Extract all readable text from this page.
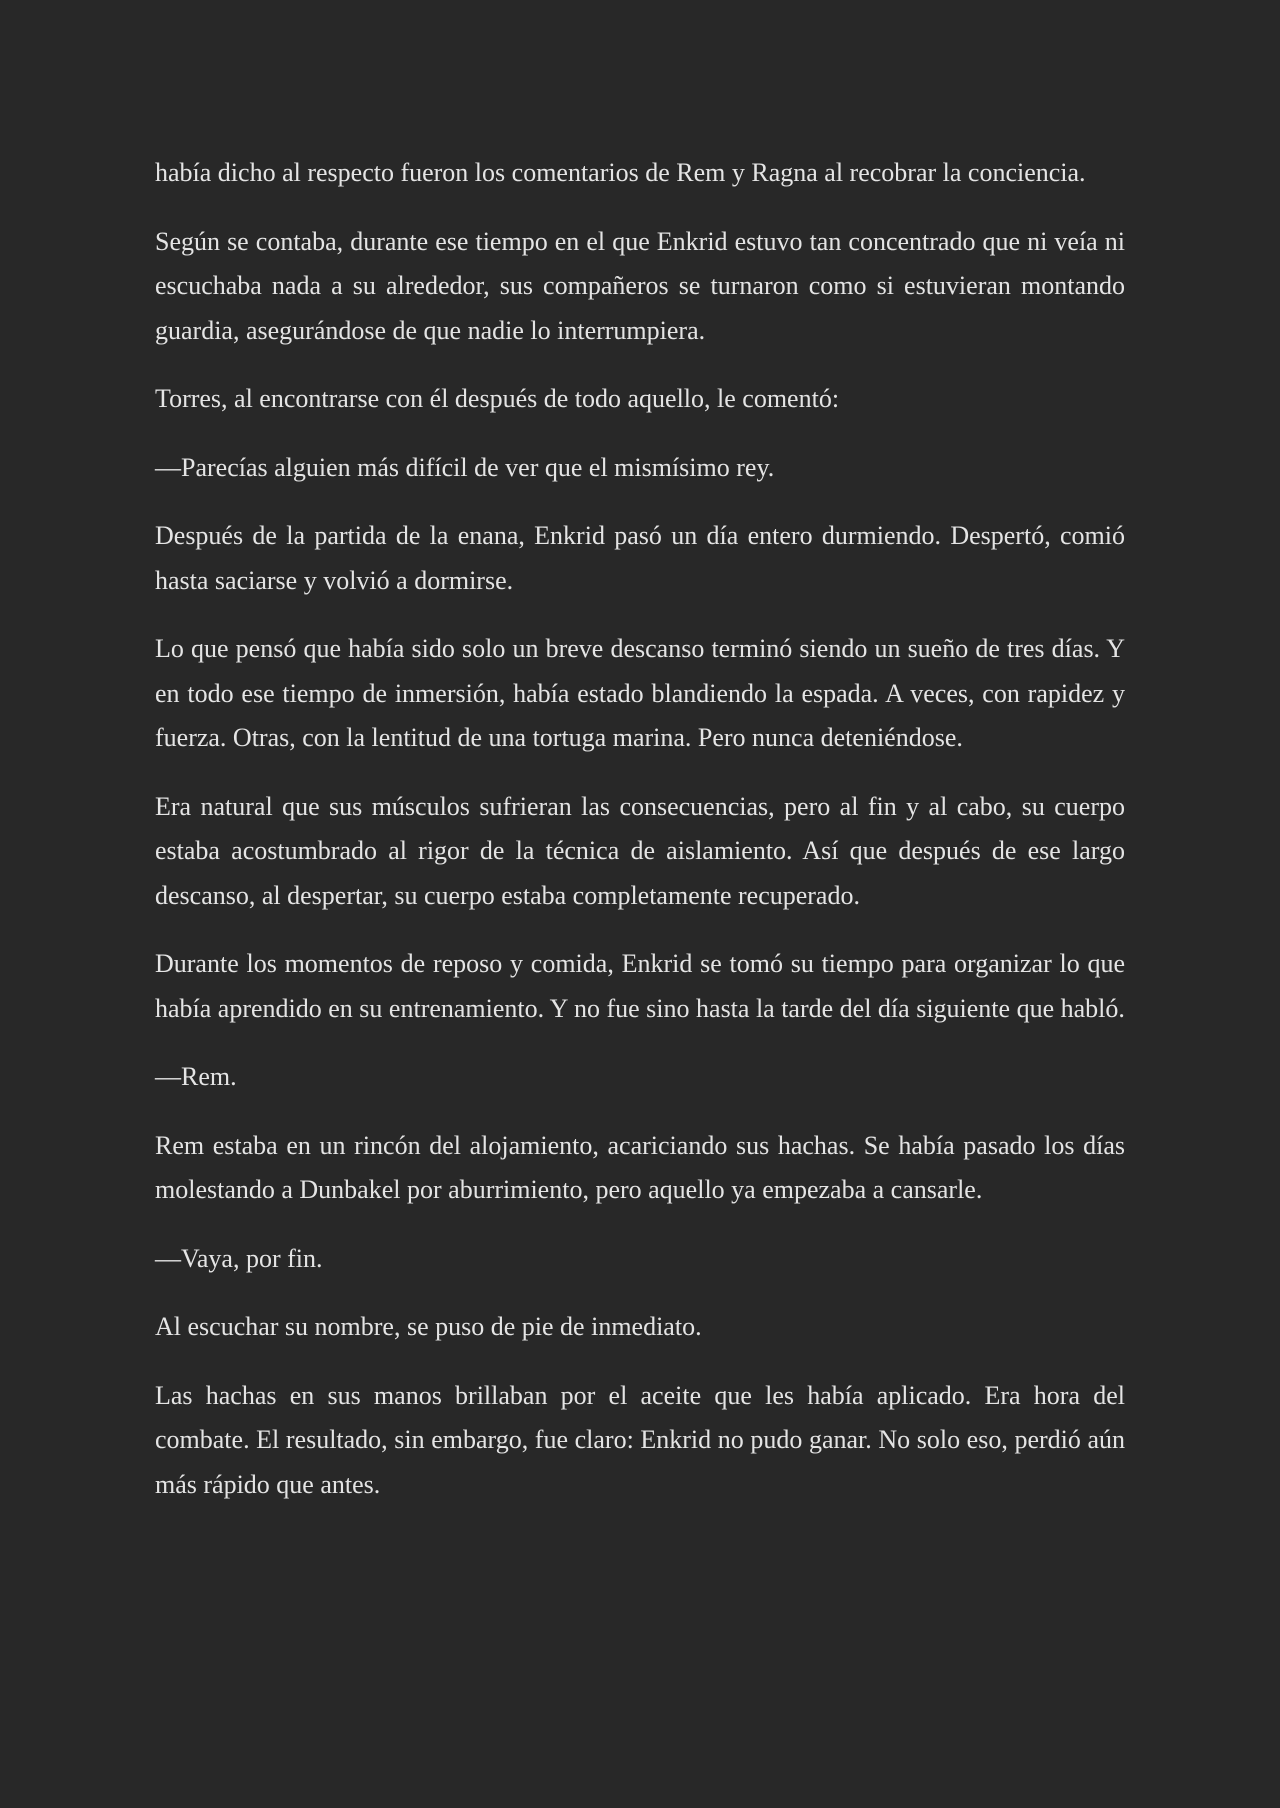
había dicho al respecto fueron los comentarios de Rem y Ragna al recobrar la conciencia.

Según se contaba, durante ese tiempo en el que Enkrid estuvo tan concentrado que ni veía ni escuchaba nada a su alrededor, sus compañeros se turnaron como si estuvieran montando guardia, asegurándose de que nadie lo interrumpiera.

Torres, al encontrarse con él después de todo aquello, le comentó:

—Parecías alguien más difícil de ver que el mismísimo rey.

Después de la partida de la enana, Enkrid pasó un día entero durmiendo. Despertó, comió hasta saciarse y volvió a dormirse.

Lo que pensó que había sido solo un breve descanso terminó siendo un sueño de tres días. Y en todo ese tiempo de inmersión, había estado blandiendo la espada. A veces, con rapidez y fuerza. Otras, con la lentitud de una tortuga marina. Pero nunca deteniéndose.

Era natural que sus músculos sufrieran las consecuencias, pero al fin y al cabo, su cuerpo estaba acostumbrado al rigor de la técnica de aislamiento. Así que después de ese largo descanso, al despertar, su cuerpo estaba completamente recuperado.

Durante los momentos de reposo y comida, Enkrid se tomó su tiempo para organizar lo que había aprendido en su entrenamiento. Y no fue sino hasta la tarde del día siguiente que habló.

—Rem.

Rem estaba en un rincón del alojamiento, acariciando sus hachas. Se había pasado los días molestando a Dunbakel por aburrimiento, pero aquello ya empezaba a cansarle.

—Vaya, por fin.

Al escuchar su nombre, se puso de pie de inmediato.

Las hachas en sus manos brillaban por el aceite que les había aplicado. Era hora del combate. El resultado, sin embargo, fue claro: Enkrid no pudo ganar. No solo eso, perdió aún más rápido que antes.
